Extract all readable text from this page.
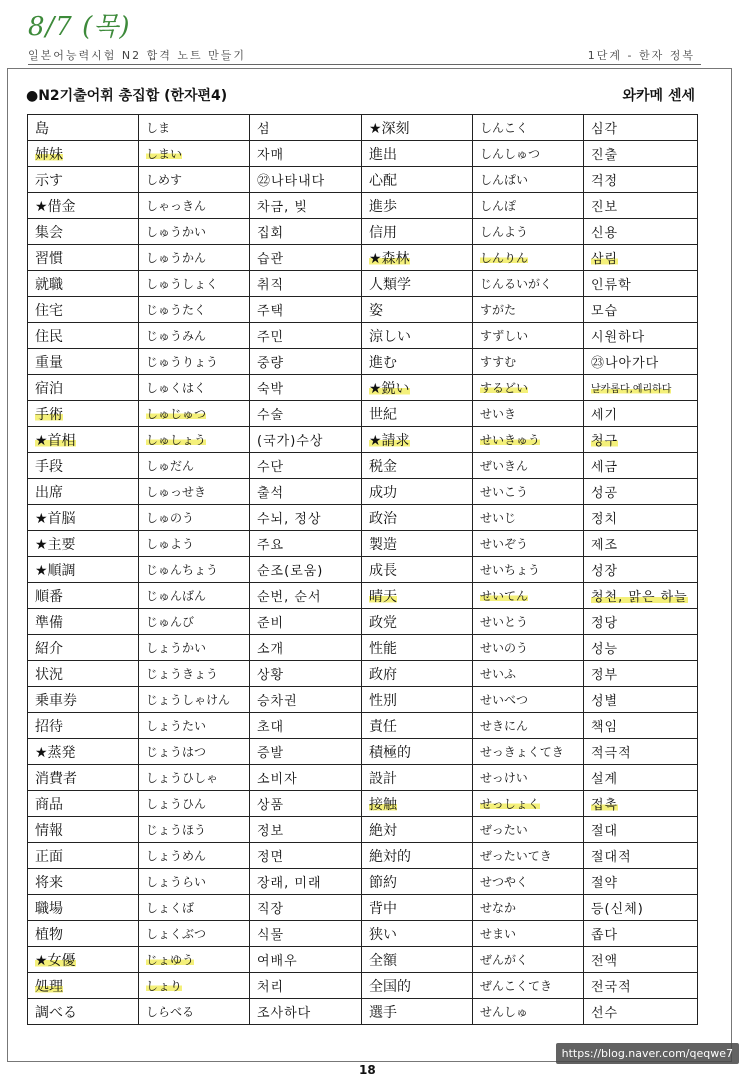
8/7 (목)
일본어능력시험 N2 합격 노트 만들기	1단계 - 한자 정복
●N2기출어휘 총집합 (한자편4)	와카메 센세
島	しま	섬	★深刻	しんこく	심각
姉妹	しまい	자매	進出	しんしゅつ	진출
示す	しめす	㉒나타내다	心配	しんぱい	걱정
★借金	しゃっきん	차금, 빚	進歩	しんぽ	진보
集会	しゅうかい	집회	信用	しんよう	신용
習慣	しゅうかん	습관	★森林	しんりん	삼림
就職	しゅうしょく	취직	人類学	じんるいがく	인류학
住宅	じゅうたく	주택	姿	すがた	모습
住民	じゅうみん	주민	涼しい	すずしい	시원하다
重量	じゅうりょう	중량	進む	すすむ	㉓나아가다
宿泊	しゅくはく	숙박	★鋭い	するどい	날카롭다,예리하다
手術	しゅじゅつ	수술	世紀	せいき	세기
★首相	しゅしょう	(국가)수상	★請求	せいきゅう	청구
手段	しゅだん	수단	税金	ぜいきん	세금
出席	しゅっせき	출석	成功	せいこう	성공
★首脳	しゅのう	수뇌, 정상	政治	せいじ	정치
★主要	しゅよう	주요	製造	せいぞう	제조
★順調	じゅんちょう	순조(로움)	成長	せいちょう	성장
順番	じゅんばん	순번, 순서	晴天	せいてん	청천, 맑은 하늘
準備	じゅんび	준비	政党	せいとう	정당
紹介	しょうかい	소개	性能	せいのう	성능
状況	じょうきょう	상황	政府	せいふ	정부
乗車券	じょうしゃけん	승차권	性別	せいべつ	성별
招待	しょうたい	초대	責任	せきにん	책임
★蒸発	じょうはつ	증발	積極的	せっきょくてき	적극적
消費者	しょうひしゃ	소비자	設計	せっけい	설계
商品	しょうひん	상품	接触	せっしょく	접촉
情報	じょうほう	정보	絶対	ぜったい	절대
正面	しょうめん	정면	絶対的	ぜったいてき	절대적
将来	しょうらい	장래, 미래	節約	せつやく	절약
職場	しょくば	직장	背中	せなか	등(신체)
植物	しょくぶつ	식물	狭い	せまい	좁다
★女優	じょゆう	여배우	全額	ぜんがく	전액
処理	しょり	처리	全国的	ぜんこくてき	전국적
調べる	しらべる	조사하다	選手	せんしゅ	선수
18
https://blog.naver.com/qeqwe7
